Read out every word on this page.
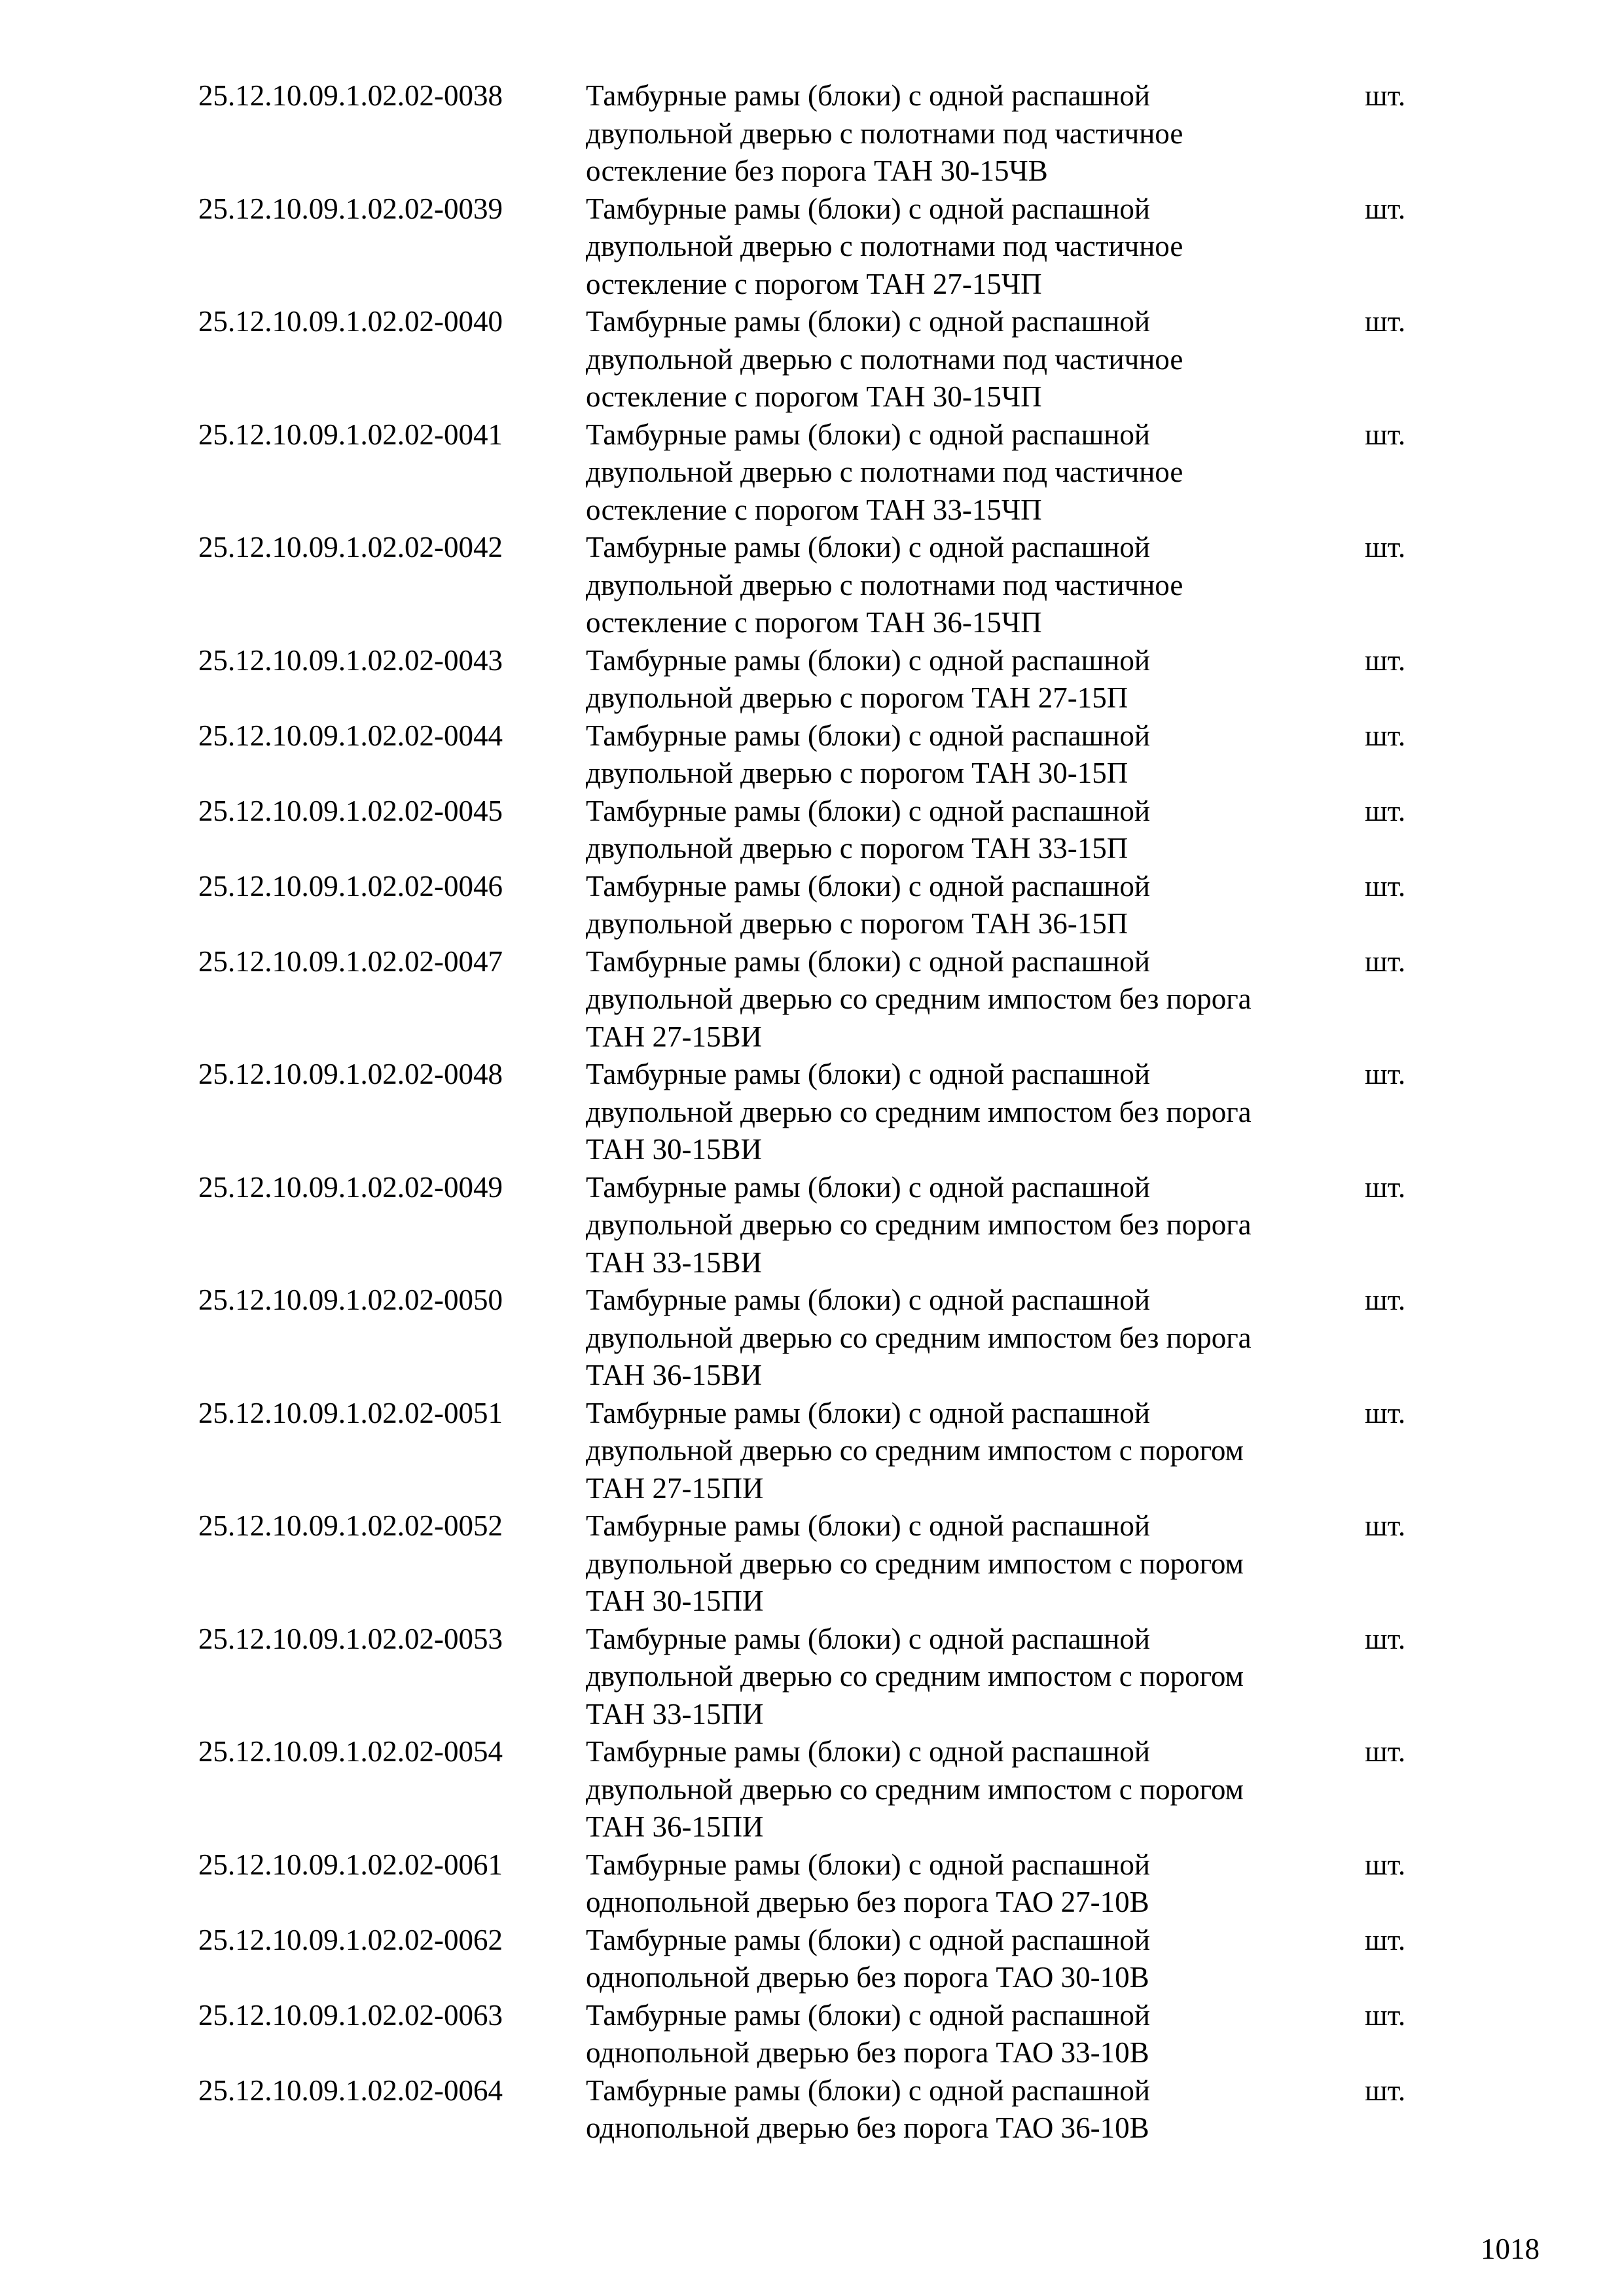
25.12.10.09.1.02.02-0038	Тамбурные рамы (блоки) с одной распашной
двупольной дверью с полотнами под частичное
остекление без порога ТАН 30-15ЧВ
шт.
25.12.10.09.1.02.02-0039	Тамбурные рамы (блоки) с одной распашной
двупольной дверью с полотнами под частичное
остекление с порогом ТАН 27-15ЧП
шт.
25.12.10.09.1.02.02-0040	Тамбурные рамы (блоки) с одной распашной
двупольной дверью с полотнами под частичное
остекление с порогом ТАН 30-15ЧП
шт.
25.12.10.09.1.02.02-0041	Тамбурные рамы (блоки) с одной распашной
двупольной дверью с полотнами под частичное
остекление с порогом ТАН 33-15ЧП
шт.
25.12.10.09.1.02.02-0042	Тамбурные рамы (блоки) с одной распашной
двупольной дверью с полотнами под частичное
остекление с порогом ТАН 36-15ЧП
шт.
25.12.10.09.1.02.02-0043	Тамбурные рамы (блоки) с одной распашной
двупольной дверью с порогом ТАН 27-15П
шт.
25.12.10.09.1.02.02-0044	Тамбурные рамы (блоки) с одной распашной
двупольной дверью с порогом ТАН 30-15П
шт.
25.12.10.09.1.02.02-0045	Тамбурные рамы (блоки) с одной распашной
двупольной дверью с порогом ТАН 33-15П
шт.
25.12.10.09.1.02.02-0046	Тамбурные рамы (блоки) с одной распашной
двупольной дверью с порогом ТАН 36-15П
шт.
25.12.10.09.1.02.02-0047	Тамбурные рамы (блоки) с одной распашной
двупольной дверью со средним импостом без порога
ТАН 27-15ВИ
шт.
25.12.10.09.1.02.02-0048	Тамбурные рамы (блоки) с одной распашной
двупольной дверью со средним импостом без порога
ТАН 30-15ВИ
шт.
25.12.10.09.1.02.02-0049	Тамбурные рамы (блоки) с одной распашной
двупольной дверью со средним импостом без порога
ТАН 33-15ВИ
шт.
25.12.10.09.1.02.02-0050	Тамбурные рамы (блоки) с одной распашной
двупольной дверью со средним импостом без порога
ТАН 36-15ВИ
шт.
25.12.10.09.1.02.02-0051	Тамбурные рамы (блоки) с одной распашной
двупольной дверью со средним импостом с порогом
ТАН 27-15ПИ
шт.
25.12.10.09.1.02.02-0052	Тамбурные рамы (блоки) с одной распашной
двупольной дверью со средним импостом с порогом
ТАН 30-15ПИ
шт.
25.12.10.09.1.02.02-0053	Тамбурные рамы (блоки) с одной распашной
двупольной дверью со средним импостом с порогом
ТАН 33-15ПИ
шт.
25.12.10.09.1.02.02-0054	Тамбурные рамы (блоки) с одной распашной
двупольной дверью со средним импостом с порогом
ТАН 36-15ПИ
шт.
25.12.10.09.1.02.02-0061	Тамбурные рамы (блоки) с одной распашной
однопольной дверью без порога ТАО 27-10В
шт.
25.12.10.09.1.02.02-0062	Тамбурные рамы (блоки) с одной распашной
однопольной дверью без порога ТАО 30-10В
шт.
25.12.10.09.1.02.02-0063	Тамбурные рамы (блоки) с одной распашной
однопольной дверью без порога ТАО 33-10В
шт.
25.12.10.09.1.02.02-0064	Тамбурные рамы (блоки) с одной распашной
однопольной дверью без порога ТАО 36-10В
шт.
1018
